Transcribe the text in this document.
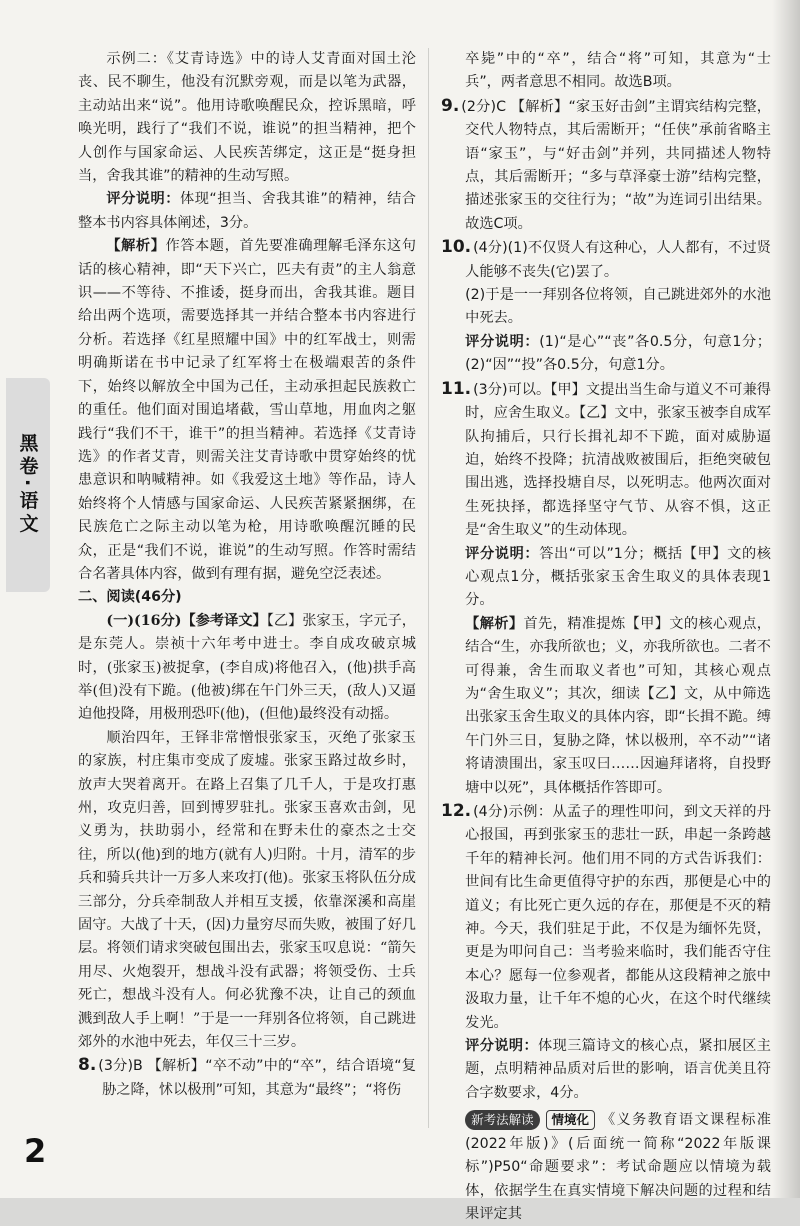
黑卷·语文

示例二：《艾青诗选》中的诗人艾青面对国土沦丧、民不聊生，他没有沉默旁观，而是以笔为武器，主动站出来“说”。他用诗歌唤醒民众，控诉黑暗，呼唤光明，践行了“我们不说，谁说”的担当精神，把个人创作与国家命运、人民疾苦绑定，这正是“挺身担当，舍我其谁”的精神的生动写照。

评分说明：体现“担当、舍我其谁”的精神，结合整本书内容具体阐述，3分。

【解析】作答本题，首先要准确理解毛泽东这句话的核心精神，即“天下兴亡，匹夫有责”的主人翁意识——不等待、不推诿，挺身而出，舍我其谁。题目给出两个选项，需要选择其一并结合整本书内容进行分析。若选择《红星照耀中国》中的红军战士，则需明确斯诺在书中记录了红军将士在极端艰苦的条件下，始终以解放全中国为己任，主动承担起民族救亡的重任。他们面对围追堵截，雪山草地，用血肉之躯践行“我们不干，谁干”的担当精神。若选择《艾青诗选》的作者艾青，则需关注艾青诗歌中贯穿始终的忧患意识和呐喊精神。如《我爱这土地》等作品，诗人始终将个人情感与国家命运、人民疾苦紧紧捆绑，在民族危亡之际主动以笔为枪，用诗歌唤醒沉睡的民众，正是“我们不说，谁说”的生动写照。作答时需结合名著具体内容，做到有理有据，避免空泛表述。

二、阅读(46分)

(一)(16分)【参考译文】【乙】张家玉，字元子，是东莞人。崇祯十六年考中进士。李自成攻破京城时，(张家玉)被捉拿，(李自成)将他召入，(他)拱手高举(但)没有下跪。(他被)绑在午门外三天，(敌人)又逼迫他投降，用极刑恐吓(他)，(但他)最终没有动摇。

顺治四年，王铎非常憎恨张家玉，灭绝了张家玉的家族，村庄集市变成了废墟。张家玉路过故乡时，放声大哭着离开。在路上召集了几千人，于是攻打惠州，攻克归善，回到博罗驻扎。张家玉喜欢击剑，见义勇为，扶助弱小，经常和在野未仕的豪杰之士交往，所以(他)到的地方(就有人)归附。十月，清军的步兵和骑兵共计一万多人来攻打(他)。张家玉将队伍分成三部分，分兵牵制敌人并相互支援，依靠深溪和高崖固守。大战了十天，(因)力量穷尽而失败，被围了好几层。将领们请求突破包围出去，张家玉叹息说：“箭矢用尽、火炮裂开，想战斗没有武器；将领受伤、士兵死亡，想战斗没有人。何必犹豫不决，让自己的颈血溅到敌人手上啊！”于是一一拜别各位将领，自己跳进郊外的水池中死去，年仅三十三岁。

8. (3分)B 【解析】“卒不动”中的“卒”，结合语境“复胁之降，怵以极刑”可知，其意为“最终”；“将伤

卒毙”中的“卒”，结合“将”可知，其意为“士兵”，两者意思不相同。故选B项。

9. (2分)C 【解析】“家玉好击剑”主谓宾结构完整，交代人物特点，其后需断开；“任侠”承前省略主语“家玉”，与“好击剑”并列，共同描述人物特点，其后需断开；“多与草泽豪士游”结构完整，描述张家玉的交往行为；“故”为连词引出结果。故选C项。

10. (4分)(1)不仅贤人有这种心，人人都有，不过贤人能够不丧失(它)罢了。

(2)于是一一拜别各位将领，自己跳进郊外的水池中死去。

评分说明：(1)“是心”“丧”各0.5分，句意1分；(2)“因”“投”各0.5分，句意1分。

11. (3分)可以。【甲】文提出当生命与道义不可兼得时，应舍生取义。【乙】文中，张家玉被李自成军队拘捕后，只行长揖礼却不下跪，面对威胁逼迫，始终不投降；抗清战败被围后，拒绝突破包围出逃，选择投塘自尽，以死明志。他两次面对生死抉择，都选择坚守气节、从容不惧，这正是“舍生取义”的生动体现。

评分说明：答出“可以”1分；概括【甲】文的核心观点1分，概括张家玉舍生取义的具体表现1分。

【解析】首先，精准提炼【甲】文的核心观点，结合“生，亦我所欲也；义，亦我所欲也。二者不可得兼，舍生而取义者也”可知，其核心观点为“舍生取义”；其次，细读【乙】文，从中筛选出张家玉舍生取义的具体内容，即“长揖不跪。缚午门外三日，复胁之降，怵以极刑，卒不动”“诸将请溃围出，家玉叹曰……因遍拜诸将，自投野塘中以死”，具体概括作答即可。

12. (4分)示例：从孟子的理性叩问，到文天祥的丹心报国，再到张家玉的悲壮一跃，串起一条跨越千年的精神长河。他们用不同的方式告诉我们：世间有比生命更值得守护的东西，那便是心中的道义；有比死亡更久远的存在，那便是不灭的精神。今天，我们驻足于此，不仅是为缅怀先贤，更是为叩问自己：当考验来临时，我们能否守住本心？愿每一位参观者，都能从这段精神之旅中汲取力量，让千年不熄的心火，在这个时代继续发光。

评分说明：体现三篇诗文的核心点，紧扣展区主题，点明精神品质对后世的影响，语言优美且符合字数要求，4分。

新考法解读 情境化 《义务教育语文课程标准(2022年版)》(后面统一简称“2022年版课标”)P50“命题要求”：考试命题应以情境为载体，依据学生在真实情境下解决问题的过程和结果评定其

2
